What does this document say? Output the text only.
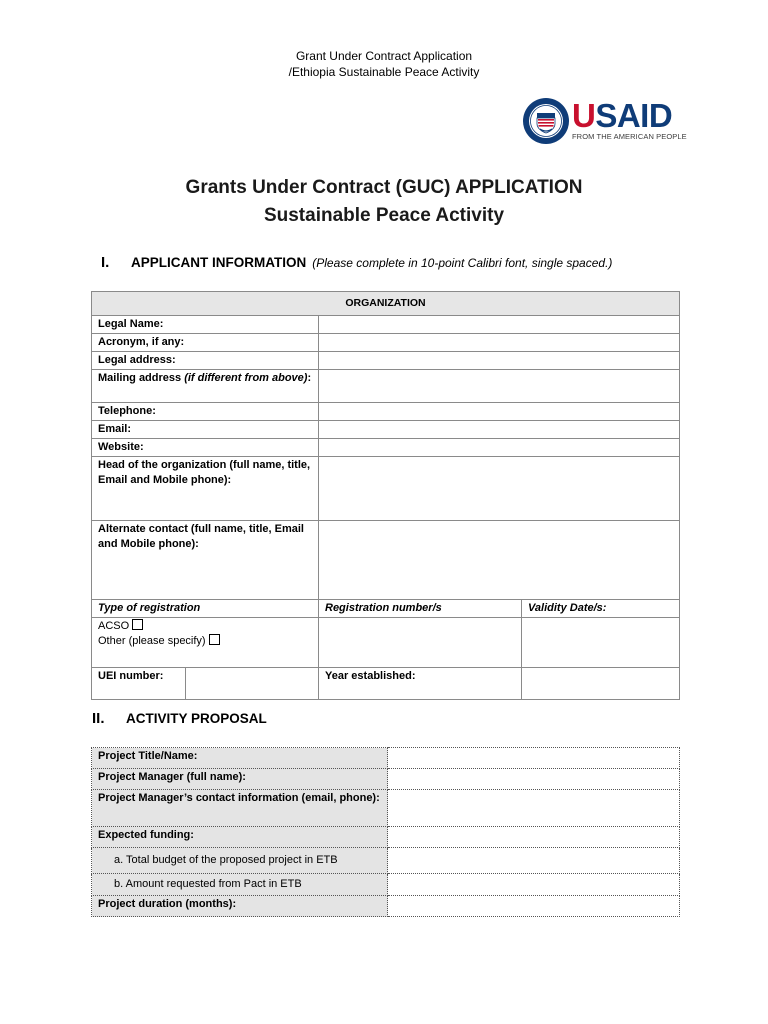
Grant Under Contract Application
/Ethiopia Sustainable Peace Activity
USAID
FROM THE AMERICAN PEOPLE
Grants Under Contract (GUC) APPLICATION
Sustainable Peace Activity
I. APPLICANT INFORMATION (Please complete in 10-point Calibri font, single spaced.)
ORGANIZATION			
Legal Name:			
Acronym, if any:			
Legal address:			
Mailing address (if different from above):			
Telephone:			
Email:			
Website:			
Head of the organization (full name, title, Email and Mobile phone):			
Alternate contact (full name, title, Email and Mobile phone):			
Type of registration		Registration number/s	Validity Date/s:

ACSO
Other (please specify)			

UEI number:		Year established:	
II. ACTIVITY PROPOSAL
Project Title/Name:	
Project Manager (full name):	
Project Manager’s contact information (email, phone):	
Expected funding:	
a. Total budget of the proposed project in ETB	
b. Amount requested from Pact in ETB	
Project duration (months):	
